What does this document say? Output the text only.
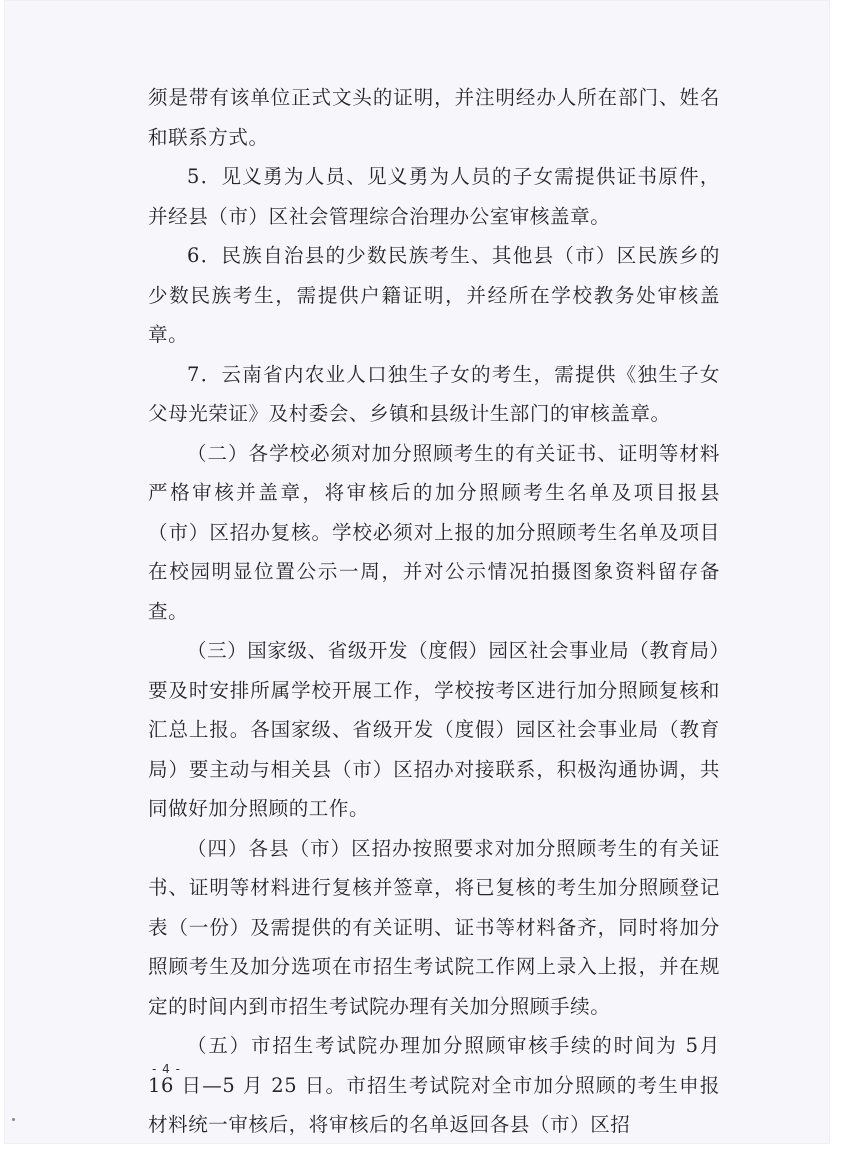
须是带有该单位正式文头的证明，并注明经办人所在部门、姓名和联系方式。

5．见义勇为人员、见义勇为人员的子女需提供证书原件，并经县（市）区社会管理综合治理办公室审核盖章。

6．民族自治县的少数民族考生、其他县（市）区民族乡的少数民族考生，需提供户籍证明，并经所在学校教务处审核盖章。

7．云南省内农业人口独生子女的考生，需提供《独生子女父母光荣证》及村委会、乡镇和县级计生部门的审核盖章。

（二）各学校必须对加分照顾考生的有关证书、证明等材料严格审核并盖章，将审核后的加分照顾考生名单及项目报县（市）区招办复核。学校必须对上报的加分照顾考生名单及项目在校园明显位置公示一周，并对公示情况拍摄图象资料留存备查。

（三）国家级、省级开发（度假）园区社会事业局（教育局）要及时安排所属学校开展工作，学校按考区进行加分照顾复核和汇总上报。各国家级、省级开发（度假）园区社会事业局（教育局）要主动与相关县（市）区招办对接联系，积极沟通协调，共同做好加分照顾的工作。

（四）各县（市）区招办按照要求对加分照顾考生的有关证书、证明等材料进行复核并签章，将已复核的考生加分照顾登记表（一份）及需提供的有关证明、证书等材料备齐，同时将加分照顾考生及加分选项在市招生考试院工作网上录入上报，并在规定的时间内到市招生考试院办理有关加分照顾手续。

（五）市招生考试院办理加分照顾审核手续的时间为 5月 16 日—5 月 25 日。市招生考试院对全市加分照顾的考生申报材料统一审核后，将审核后的名单返回各县（市）区招

- 4 -
